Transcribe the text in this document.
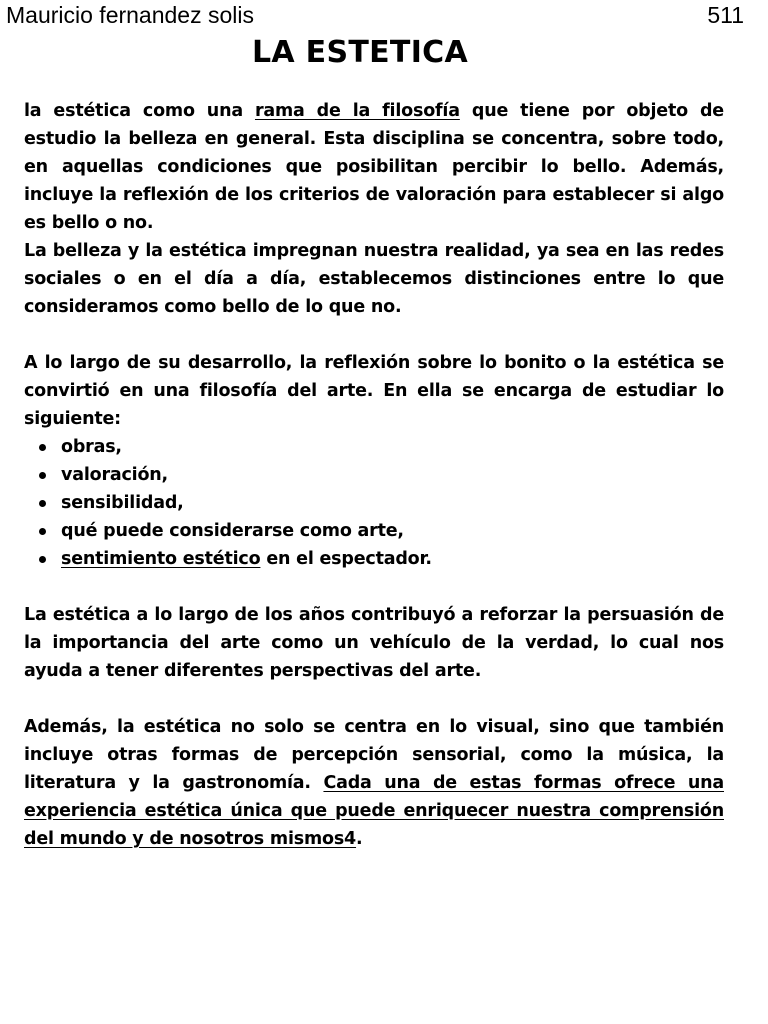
Mauricio fernandez solis	511
LA ESTETICA

la estética como una rama de la filosofía que tiene por objeto de estudio la belleza en general. Esta disciplina se concentra, sobre todo, en aquellas condiciones que posibilitan percibir lo bello. Además, incluye la reflexión de los criterios de valoración para establecer si algo es bello o no.

La belleza y la estética impregnan nuestra realidad, ya sea en las redes sociales o en el día a día, establecemos distinciones entre lo que consideramos como bello de lo que no.

A lo largo de su desarrollo, la reflexión sobre lo bonito o la estética se convirtió en una filosofía del arte. En ella se encarga de estudiar lo siguiente:

obras,
valoración,
sensibilidad,
qué puede considerarse como arte,
sentimiento estético en el espectador.

La estética a lo largo de los años contribuyó a reforzar la persuasión de la importancia del arte como un vehículo de la verdad, lo cual nos ayuda a tener diferentes perspectivas del arte.

Además, la estética no solo se centra en lo visual, sino que también incluye otras formas de percepción sensorial, como la música, la literatura y la gastronomía. Cada una de estas formas ofrece una experiencia estética única que puede enriquecer nuestra comprensión del mundo y de nosotros mismos4.
